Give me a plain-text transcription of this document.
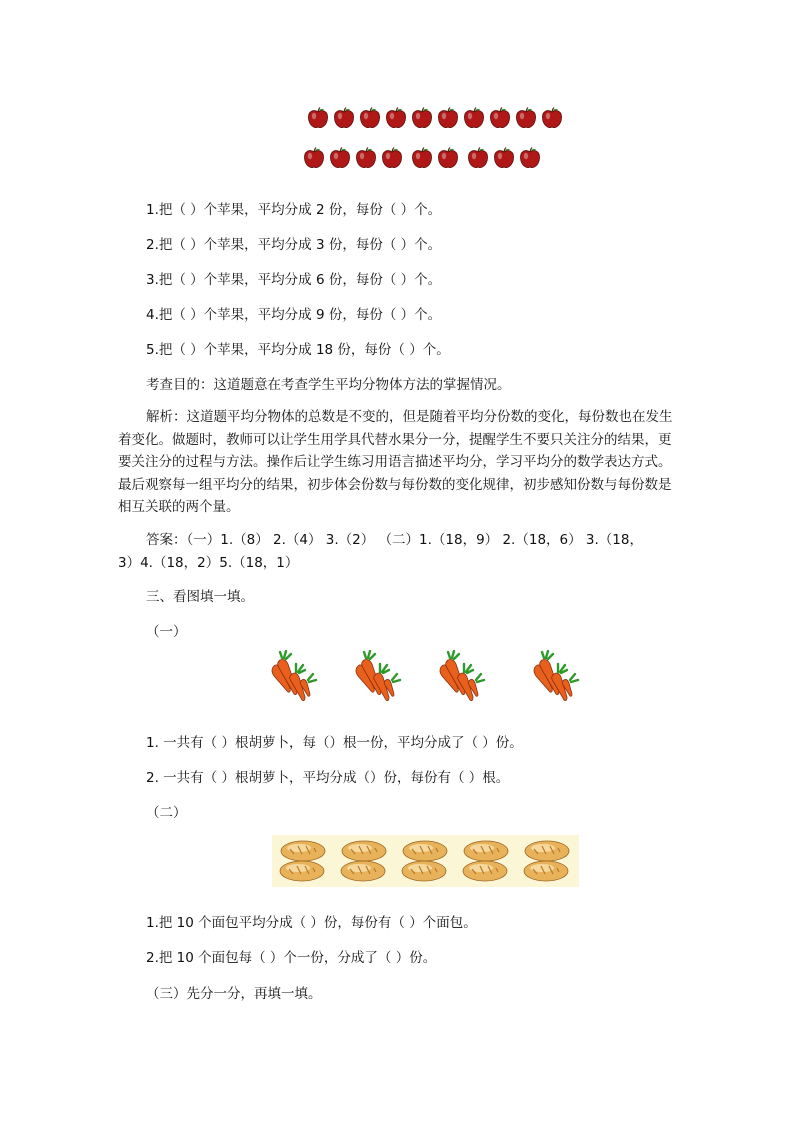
1.把（ ）个苹果，平均分成 2 份，每份（ ）个。
2.把（ ）个苹果，平均分成 3 份，每份（ ）个。
3.把（ ）个苹果，平均分成 6 份，每份（ ）个。
4.把（ ）个苹果，平均分成 9 份，每份（ ）个。
5.把（ ）个苹果，平均分成 18 份，每份（ ）个。
考查目的：这道题意在考查学生平均分物体方法的掌握情况。
解析：这道题平均分物体的总数是不变的，但是随着平均分份数的变化，每份数也在发生着变化。做题时，教师可以让学生用学具代替水果分一分，提醒学生不要只关注分的结果，更要关注分的过程与方法。操作后让学生练习用语言描述平均分，学习平均分的数学表达方式。最后观察每一组平均分的结果，初步体会份数与每份数的变化规律，初步感知份数与每份数是相互关联的两个量。
答案：（一）1.（8） 2.（4） 3.（2） （二）1.（18，9） 2.（18，6） 3.（18，
3）4.（18，2）5.（18，1）
三、看图填一填。
（一）
1. 一共有（ ）根胡萝卜，每（）根一份，平均分成了（ ）份。
2. 一共有（ ）根胡萝卜，平均分成（）份，每份有（ ）根。
（二）
1.把 10 个面包平均分成（ ）份，每份有（ ）个面包。
2.把 10 个面包每（ ）个一份，分成了（ ）份。
（三）先分一分，再填一填。
